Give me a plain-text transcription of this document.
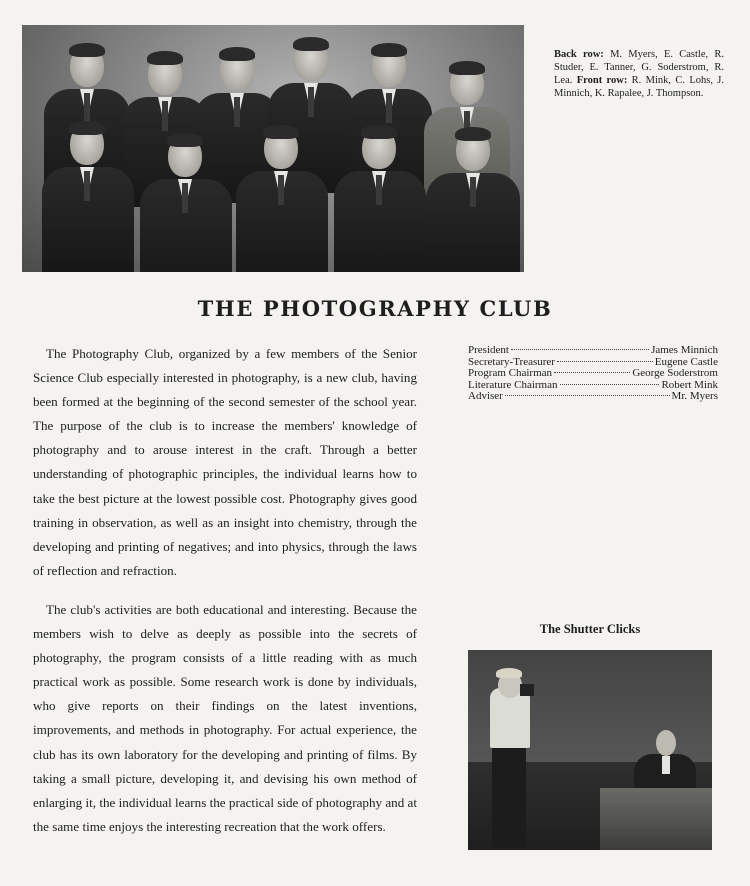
Back row: M. Myers, E. Castle, R. Studer, E. Tanner, G. Soderstrom, R. Lea. Front row: R. Mink, C. Lohs, J. Minnich, K. Rapalee, J. Thompson.
THE PHOTOGRAPHY CLUB

The Photography Club, organized by a few members of the Senior Science Club especially interested in photography, is a new club, having been formed at the beginning of the second semester of the school year. The purpose of the club is to increase the members' knowledge of photography and to arouse interest in the craft. Through a better understanding of photographic principles, the individual learns how to take the best picture at the lowest possible cost. Photography gives good training in observation, as well as an insight into chemistry, through the developing and printing of negatives; and into physics, through the laws of reflection and refraction.

The club's activities are both educational and interesting. Because the members wish to delve as deeply as possible into the secrets of photography, the program consists of a little reading with as much practical work as possible. Some research work is done by individuals, who give reports on their findings on the latest inventions, improvements, and methods in photography. For actual experience, the club has its own laboratory for the developing and printing of films. By taking a small picture, developing it, and devising his own method of enlarging it, the individual learns the practical side of photography and at the same time enjoys the interesting recreation that the work offers.

President	James Minnich
Secretary-Treasurer	Eugene Castle
Program Chairman	George Soderstrom
Literature Chairman	Robert Mink
Adviser	Mr. Myers
The Shutter Clicks
